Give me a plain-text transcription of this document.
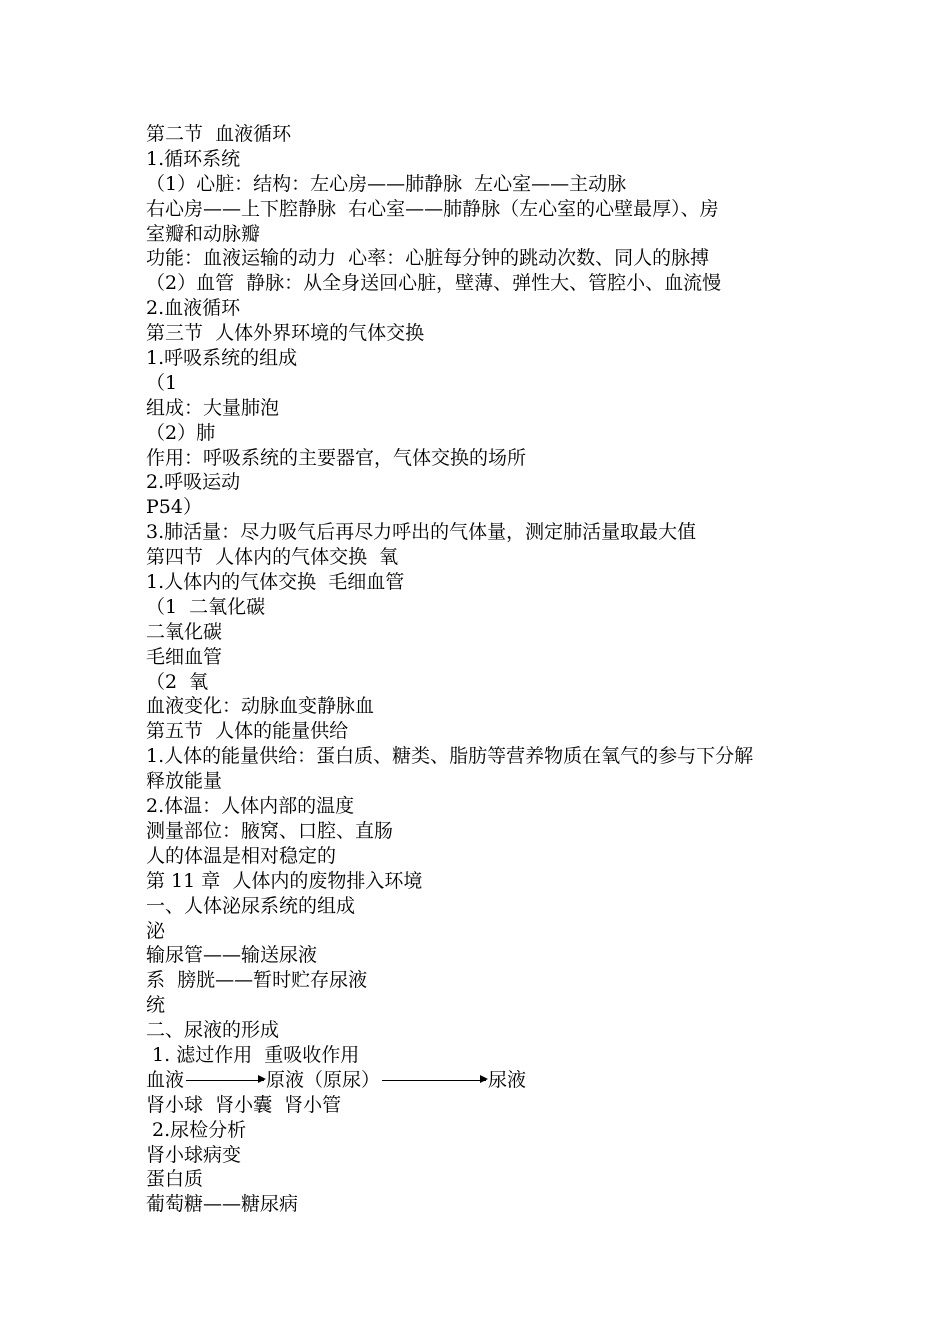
第二节  血液循环
1.循环系统
（1）心脏：结构：左心房——肺静脉  左心室——主动脉
右心房——上下腔静脉  右心室——肺静脉（左心室的心壁最厚）、房
室瓣和动脉瓣
功能：血液运输的动力  心率：心脏每分钟的跳动次数、同人的脉搏
（2）血管  静脉：从全身送回心脏，壁薄、弹性大、管腔小、血流慢
2.血液循环
第三节  人体外界环境的气体交换
1.呼吸系统的组成
（1
组成：大量肺泡
（2）肺
作用：呼吸系统的主要器官，气体交换的场所
2.呼吸运动
P54）
3.肺活量：尽力吸气后再尽力呼出的气体量，测定肺活量取最大值
第四节  人体内的气体交换  氧
1.人体内的气体交换  毛细血管
（1  二氧化碳
二氧化碳
毛细血管
（2  氧
血液变化：动脉血变静脉血
第五节  人体的能量供给
1.人体的能量供给：蛋白质、糖类、脂肪等营养物质在氧气的参与下分解
释放能量
2.体温：人体内部的温度
测量部位：腋窝、口腔、直肠
人的体温是相对稳定的
第 11 章  人体内的废物排入环境
一、人体泌尿系统的组成
泌
输尿管——输送尿液
系  膀胱——暂时贮存尿液
统
二、尿液的形成
1. 滤过作用  重吸收作用
血液	原液（原尿）	尿液
肾小球  肾小囊  肾小管
2.尿检分析
肾小球病变
蛋白质
葡萄糖——糖尿病
